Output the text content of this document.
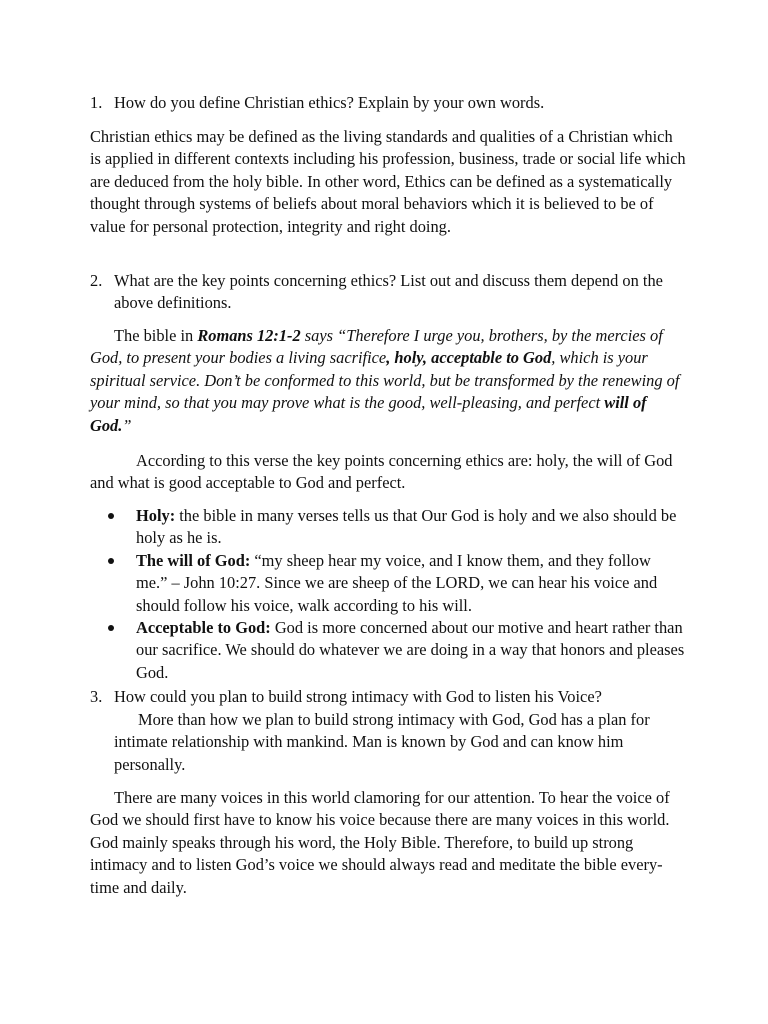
1. How do you define Christian ethics? Explain by your own words.

Christian ethics may be defined as the living standards and qualities of a Christian which is applied in different contexts including his profession, business, trade or social life which are deduced from the holy bible. In other word, Ethics can be defined as a systematically thought through systems of beliefs about moral behaviors which it is believed to be of value for personal protection, integrity and right doing.

2. What are the key points concerning ethics? List out and discuss them depend on the above definitions.

The bible in Romans 12:1-2 says “Therefore I urge you, brothers, by the mercies of God, to present your bodies a living sacrifice, holy, acceptable to God, which is your spiritual service. Don’t be conformed to this world, but be transformed by the renewing of your mind, so that you may prove what is the good, well-pleasing, and perfect will of God.”

According to this verse the key points concerning ethics are: holy, the will of God and what is good acceptable to God and perfect.

Holy: the bible in many verses tells us that Our God is holy and we also should be holy as he is.
The will of God: “my sheep hear my voice, and I know them, and they follow me.” – John 10:27. Since we are sheep of the LORD, we can hear his voice and should follow his voice, walk according to his will.
Acceptable to God: God is more concerned about our motive and heart rather than our sacrifice. We should do whatever we are doing in a way that honors and pleases God.
3. How could you plan to build strong intimacy with God to listen his Voice?

More than how we plan to build strong intimacy with God, God has a plan for intimate relationship with mankind. Man is known by God and can know him personally.

There are many voices in this world clamoring for our attention. To hear the voice of God we should first have to know his voice because there are many voices in this world. God mainly speaks through his word, the Holy Bible. Therefore, to build up strong intimacy and to listen God’s voice we should always read and meditate the bible every-time and daily.
